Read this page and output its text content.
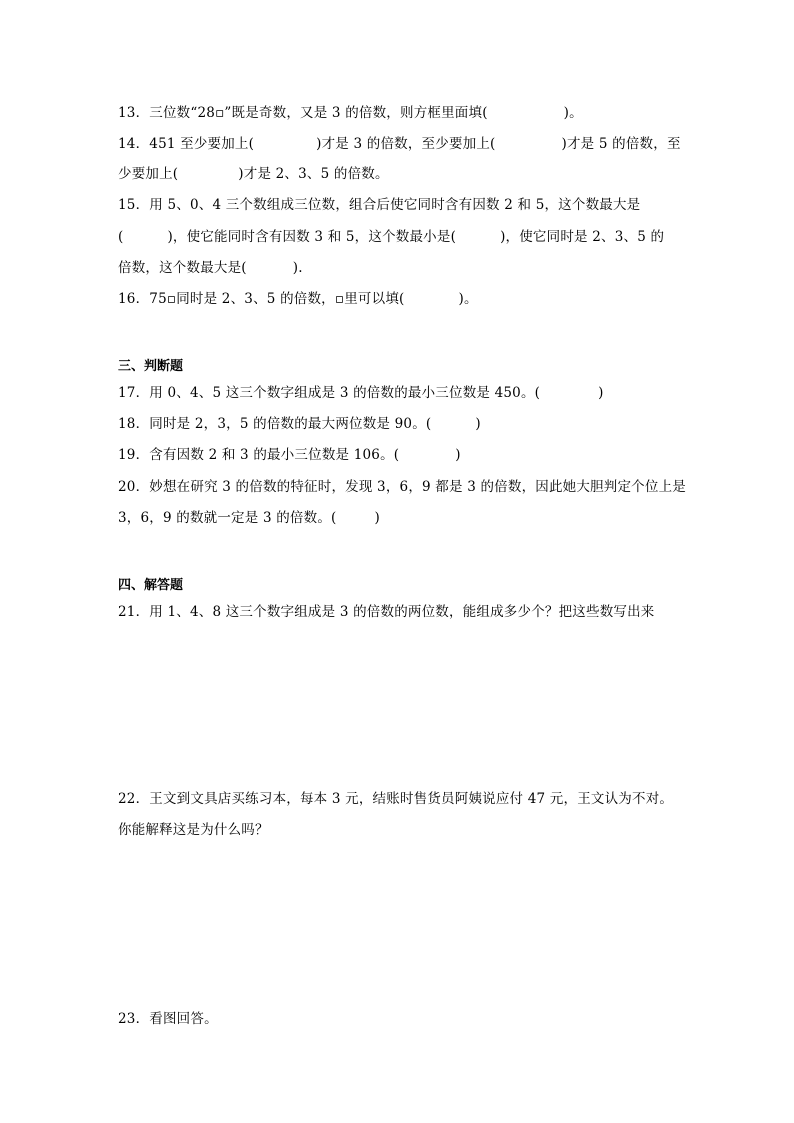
13．三位数“28▫”既是奇数，又是 3 的倍数，则方框里面填(	)。
14．451 至少要加上(	)才是 3 的倍数，至少要加上(	)才是 5 的倍数，至
少要加上(	)才是 2、3、5 的倍数。
15．用 5、0、4 三个数组成三位数，组合后使它同时含有因数 2 和 5，这个数最大是
(	)，使它能同时含有因数 3 和 5，这个数最小是(	)，使它同时是 2、3、5 的
倍数，这个数最大是(	).
16．75▫同时是 2、3、5 的倍数，▫里可以填(	)。
三、判断题
17．用 0、4、5 这三个数字组成是 3 的倍数的最小三位数是 450。(	)
18．同时是 2，3，5 的倍数的最大两位数是 90。(	)
19．含有因数 2 和 3 的最小三位数是 106。(	)
20．妙想在研究 3 的倍数的特征时，发现 3，6，9 都是 3 的倍数，因此她大胆判定个位上是
3，6，9 的数就一定是 3 的倍数。(	)
四、解答题
21．用 1、4、8 这三个数字组成是 3 的倍数的两位数，能组成多少个？把这些数写出来
22．王文到文具店买练习本，每本 3 元，结账时售货员阿姨说应付 47 元，王文认为不对。
你能解释这是为什么吗？
23．看图回答。
